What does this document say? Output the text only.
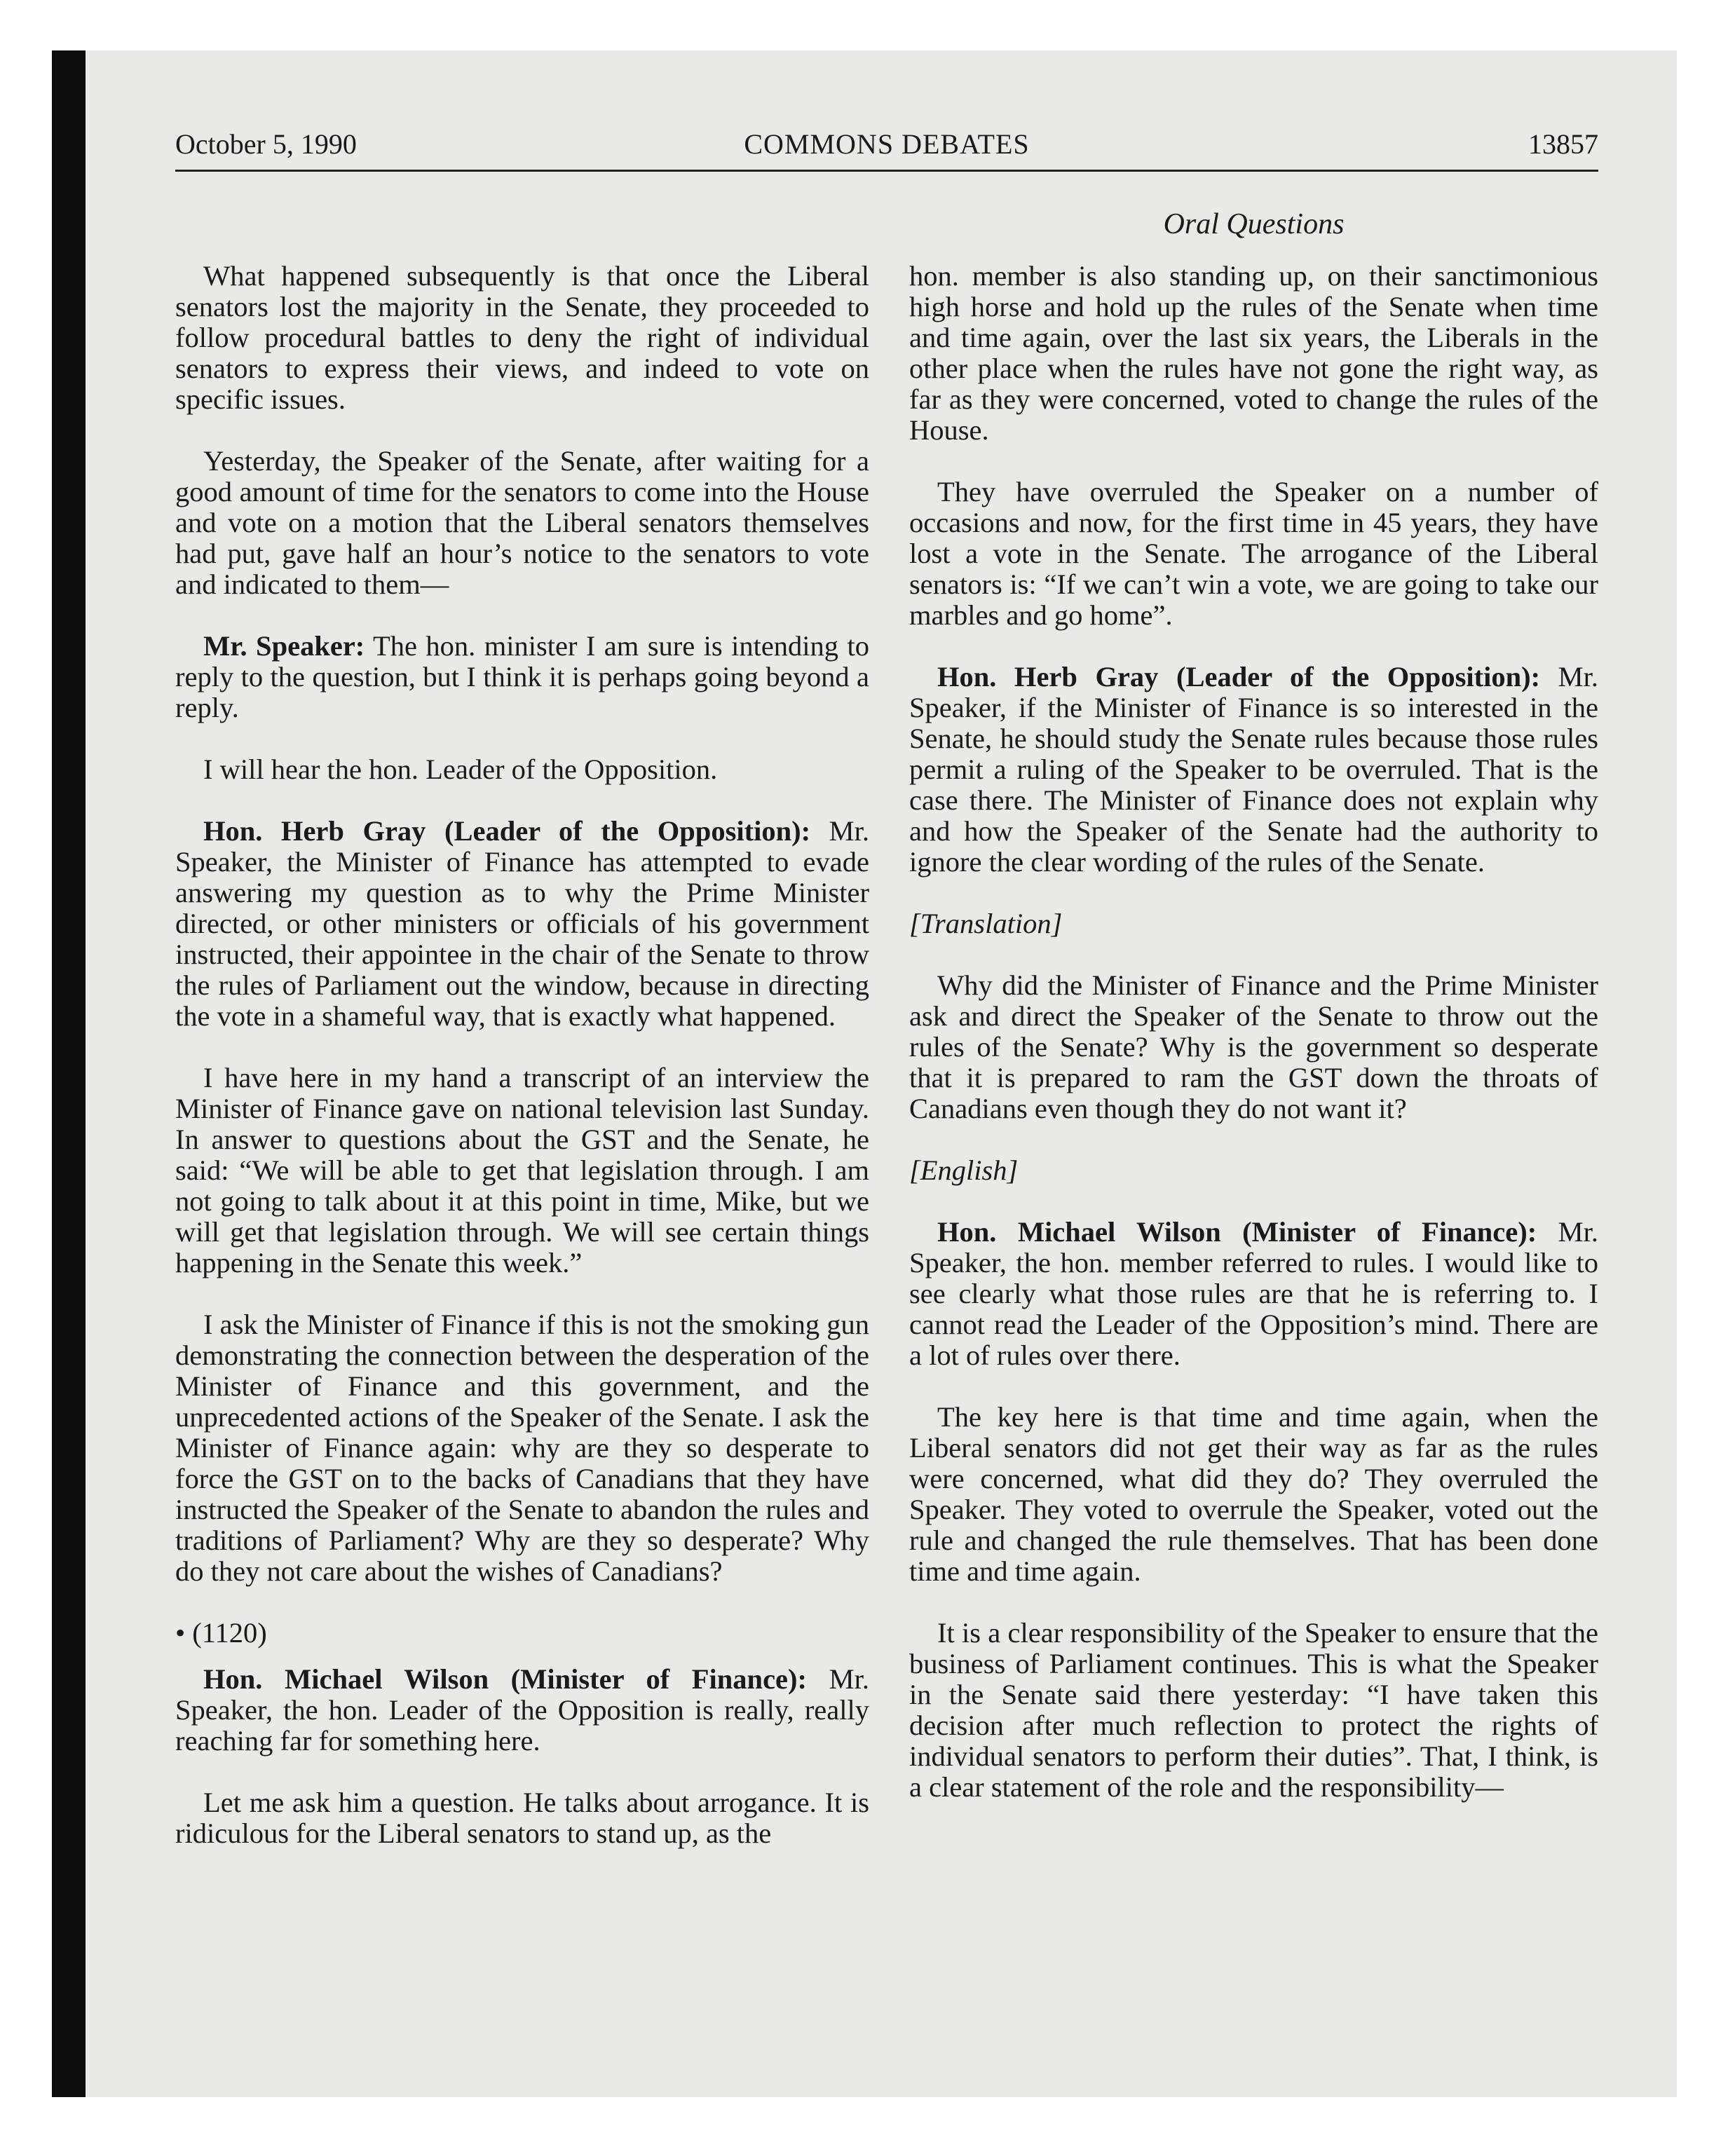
October 5, 1990	COMMONS DEBATES	13857
Oral Questions

What happened subsequently is that once the Liberal senators lost the majority in the Senate, they proceeded to follow procedural battles to deny the right of individual senators to express their views, and indeed to vote on specific issues.

Yesterday, the Speaker of the Senate, after waiting for a good amount of time for the senators to come into the House and vote on a motion that the Liberal senators themselves had put, gave half an hour’s notice to the senators to vote and indicated to them—

Mr. Speaker: The hon. minister I am sure is intending to reply to the question, but I think it is perhaps going beyond a reply.

I will hear the hon. Leader of the Opposition.

Hon. Herb Gray (Leader of the Opposition): Mr. Speaker, the Minister of Finance has attempted to evade answering my question as to why the Prime Minister directed, or other ministers or officials of his government instructed, their appointee in the chair of the Senate to throw the rules of Parliament out the window, because in directing the vote in a shameful way, that is exactly what happened.

I have here in my hand a transcript of an interview the Minister of Finance gave on national television last Sunday. In answer to questions about the GST and the Senate, he said: “We will be able to get that legislation through. I am not going to talk about it at this point in time, Mike, but we will get that legislation through. We will see certain things happening in the Senate this week.”

I ask the Minister of Finance if this is not the smoking gun demonstrating the connection between the desperation of the Minister of Finance and this government, and the unprecedented actions of the Speaker of the Senate. I ask the Minister of Finance again: why are they so desperate to force the GST on to the backs of Canadians that they have instructed the Speaker of the Senate to abandon the rules and traditions of Parliament? Why are they so desperate? Why do they not care about the wishes of Canadians?

• (1120)

Hon. Michael Wilson (Minister of Finance): Mr. Speaker, the hon. Leader of the Opposition is really, really reaching far for something here.

Let me ask him a question. He talks about arrogance. It is ridiculous for the Liberal senators to stand up, as the

hon. member is also standing up, on their sanctimonious high horse and hold up the rules of the Senate when time and time again, over the last six years, the Liberals in the other place when the rules have not gone the right way, as far as they were concerned, voted to change the rules of the House.

They have overruled the Speaker on a number of occasions and now, for the first time in 45 years, they have lost a vote in the Senate. The arrogance of the Liberal senators is: “If we can’t win a vote, we are going to take our marbles and go home”.

Hon. Herb Gray (Leader of the Opposition): Mr. Speaker, if the Minister of Finance is so interested in the Senate, he should study the Senate rules because those rules permit a ruling of the Speaker to be overruled. That is the case there. The Minister of Finance does not explain why and how the Speaker of the Senate had the authority to ignore the clear wording of the rules of the Senate.

[Translation]

Why did the Minister of Finance and the Prime Minister ask and direct the Speaker of the Senate to throw out the rules of the Senate? Why is the government so desperate that it is prepared to ram the GST down the throats of Canadians even though they do not want it?

[English]

Hon. Michael Wilson (Minister of Finance): Mr. Speaker, the hon. member referred to rules. I would like to see clearly what those rules are that he is referring to. I cannot read the Leader of the Opposition’s mind. There are a lot of rules over there.

The key here is that time and time again, when the Liberal senators did not get their way as far as the rules were concerned, what did they do? They overruled the Speaker. They voted to overrule the Speaker, voted out the rule and changed the rule themselves. That has been done time and time again.

It is a clear responsibility of the Speaker to ensure that the business of Parliament continues. This is what the Speaker in the Senate said there yesterday: “I have taken this decision after much reflection to protect the rights of individual senators to perform their duties”. That, I think, is a clear statement of the role and the responsibility—
